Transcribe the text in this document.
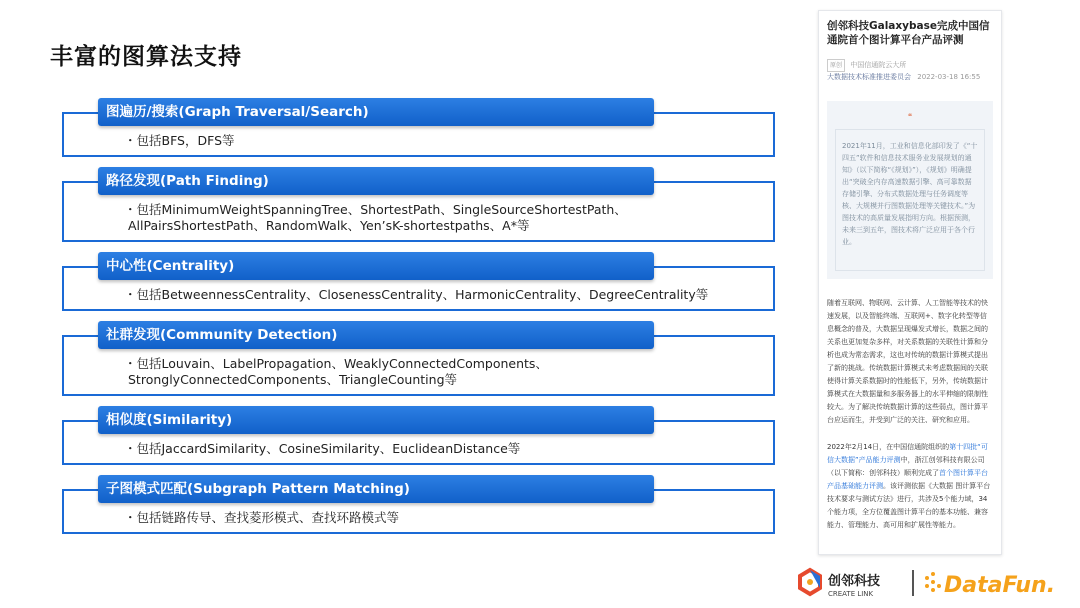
丰富的图算法支持
图遍历/搜索(Graph Traversal/Search)
・包括BFS，DFS等
路径发现(Path Finding)
・包括MinimumWeightSpanningTree、ShortestPath、SingleSourceShortestPath、
AllPairsShortestPath、RandomWalk、Yen’sK-shortestpaths、A*等
中心性(Centrality)
・包括BetweennessCentrality、ClosenessCentrality、HarmonicCentrality、DegreeCentrality等
社群发现(Community Detection)
・包括Louvain、LabelPropagation、WeaklyConnectedComponents、
StronglyConnectedComponents、TriangleCounting等
相似度(Similarity)
・包括JaccardSimilarity、CosineSimilarity、EuclideanDistance等
子图模式匹配(Subgraph Pattern Matching)
・包括链路传导、查找菱形模式、查找环路模式等
创邻科技Galaxybase完成中国信通院首个图计算平台产品评测
原创 中国信通院云大所
大数据技术标准推进委员会 2022-03-18 16:55
❝
2021年11月，工业和信息化部印发了《“十四五”软件和信息技术服务业发展规划的通知》（以下简称“《规划》”），《规划》明确提出“突破全内存高速数据引擎、高可靠数据存储引擎、分布式数据处理与任务调度等核、大规模并行图数据处理等关键技术。”为图技术的高质量发展指明方向。根据预测，未来三到五年，图技术将广泛应用于各个行业。
随着互联网、物联网、云计算、人工智能等技术的快速发展，以及智能终端、互联网+、数字化转型等信息概念的普及，大数据呈现爆发式增长，数据之间的关系也更加复杂多样，对关系数据的关联性计算和分析也成为常态需求，这也对传统的数据计算模式提出了新的挑战。传统数据计算模式未考虑数据间的关联使得计算关系数据时的性能低下，另外，传统数据计算模式在大数据量和多服务器上的水平伸缩的限制性较大。为了解决传统数据计算的这些弱点，图计算平台应运而生，并受到广泛的关注、研究和应用。
2022年2月14日，在中国信通院组织的第十四批“可信大数据”产品能力评测中，浙江创邻科技有限公司（以下简称：创邻科技）顺利完成了首个图计算平台产品基础能力评测。该评测依据《大数据 图计算平台技术要求与测试方法》进行，共涉及5个能力域，34个能力项，全方位覆盖图计算平台的基本功能、兼容能力、管理能力、高可用和扩展性等能力。
创邻科技
CREATE LINK	DataFun.
